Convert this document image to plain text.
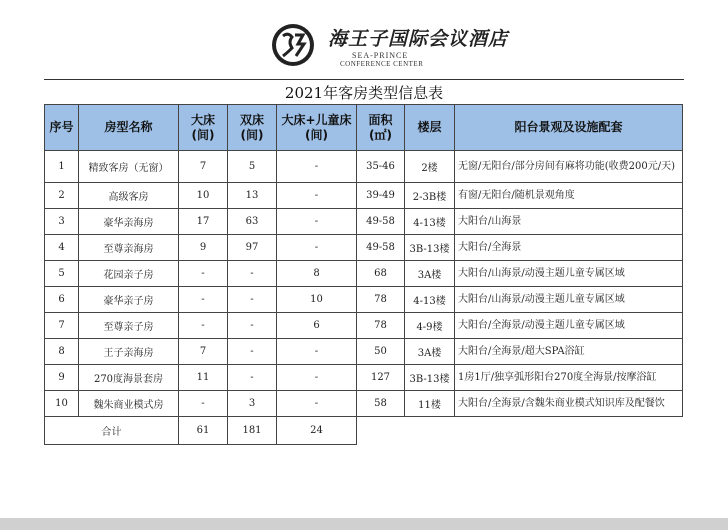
海王子国际会议酒店
SEA-PRINCE
CONFERENCE CENTER
2021年客房类型信息表
序号	房型名称	大床(间)	双床(间)	大床+儿童床(间)	面积(㎡)	楼层	阳台景观及设施配套
1	精致客房（无窗）	7	5	-	35-46	2楼	无窗/无阳台/部分房间有麻将功能(收费200元/天)
2	高级客房	10	13	-	39-49	2-3B楼	有窗/无阳台/随机景观角度
3	豪华亲海房	17	63	-	49-58	4-13楼	大阳台/山海景
4	至尊亲海房	9	97	-	49-58	3B-13楼	大阳台/全海景
5	花园亲子房	-	-	8	68	3A楼	大阳台/山海景/动漫主题儿童专属区域
6	豪华亲子房	-	-	10	78	4-13楼	大阳台/山海景/动漫主题儿童专属区域
7	至尊亲子房	-	-	6	78	4-9楼	大阳台/全海景/动漫主题儿童专属区域
8	王子亲海房	7	-	-	50	3A楼	大阳台/全海景/超大SPA浴缸
9	270度海景套房	11	-	-	127	3B-13楼	1房1厅/独享弧形阳台270度全海景/按摩浴缸
10	魏朱商业模式房	-	3	-	58	11楼	大阳台/全海景/含魏朱商业模式知识库及配餐饮
合计		61	181	24			
